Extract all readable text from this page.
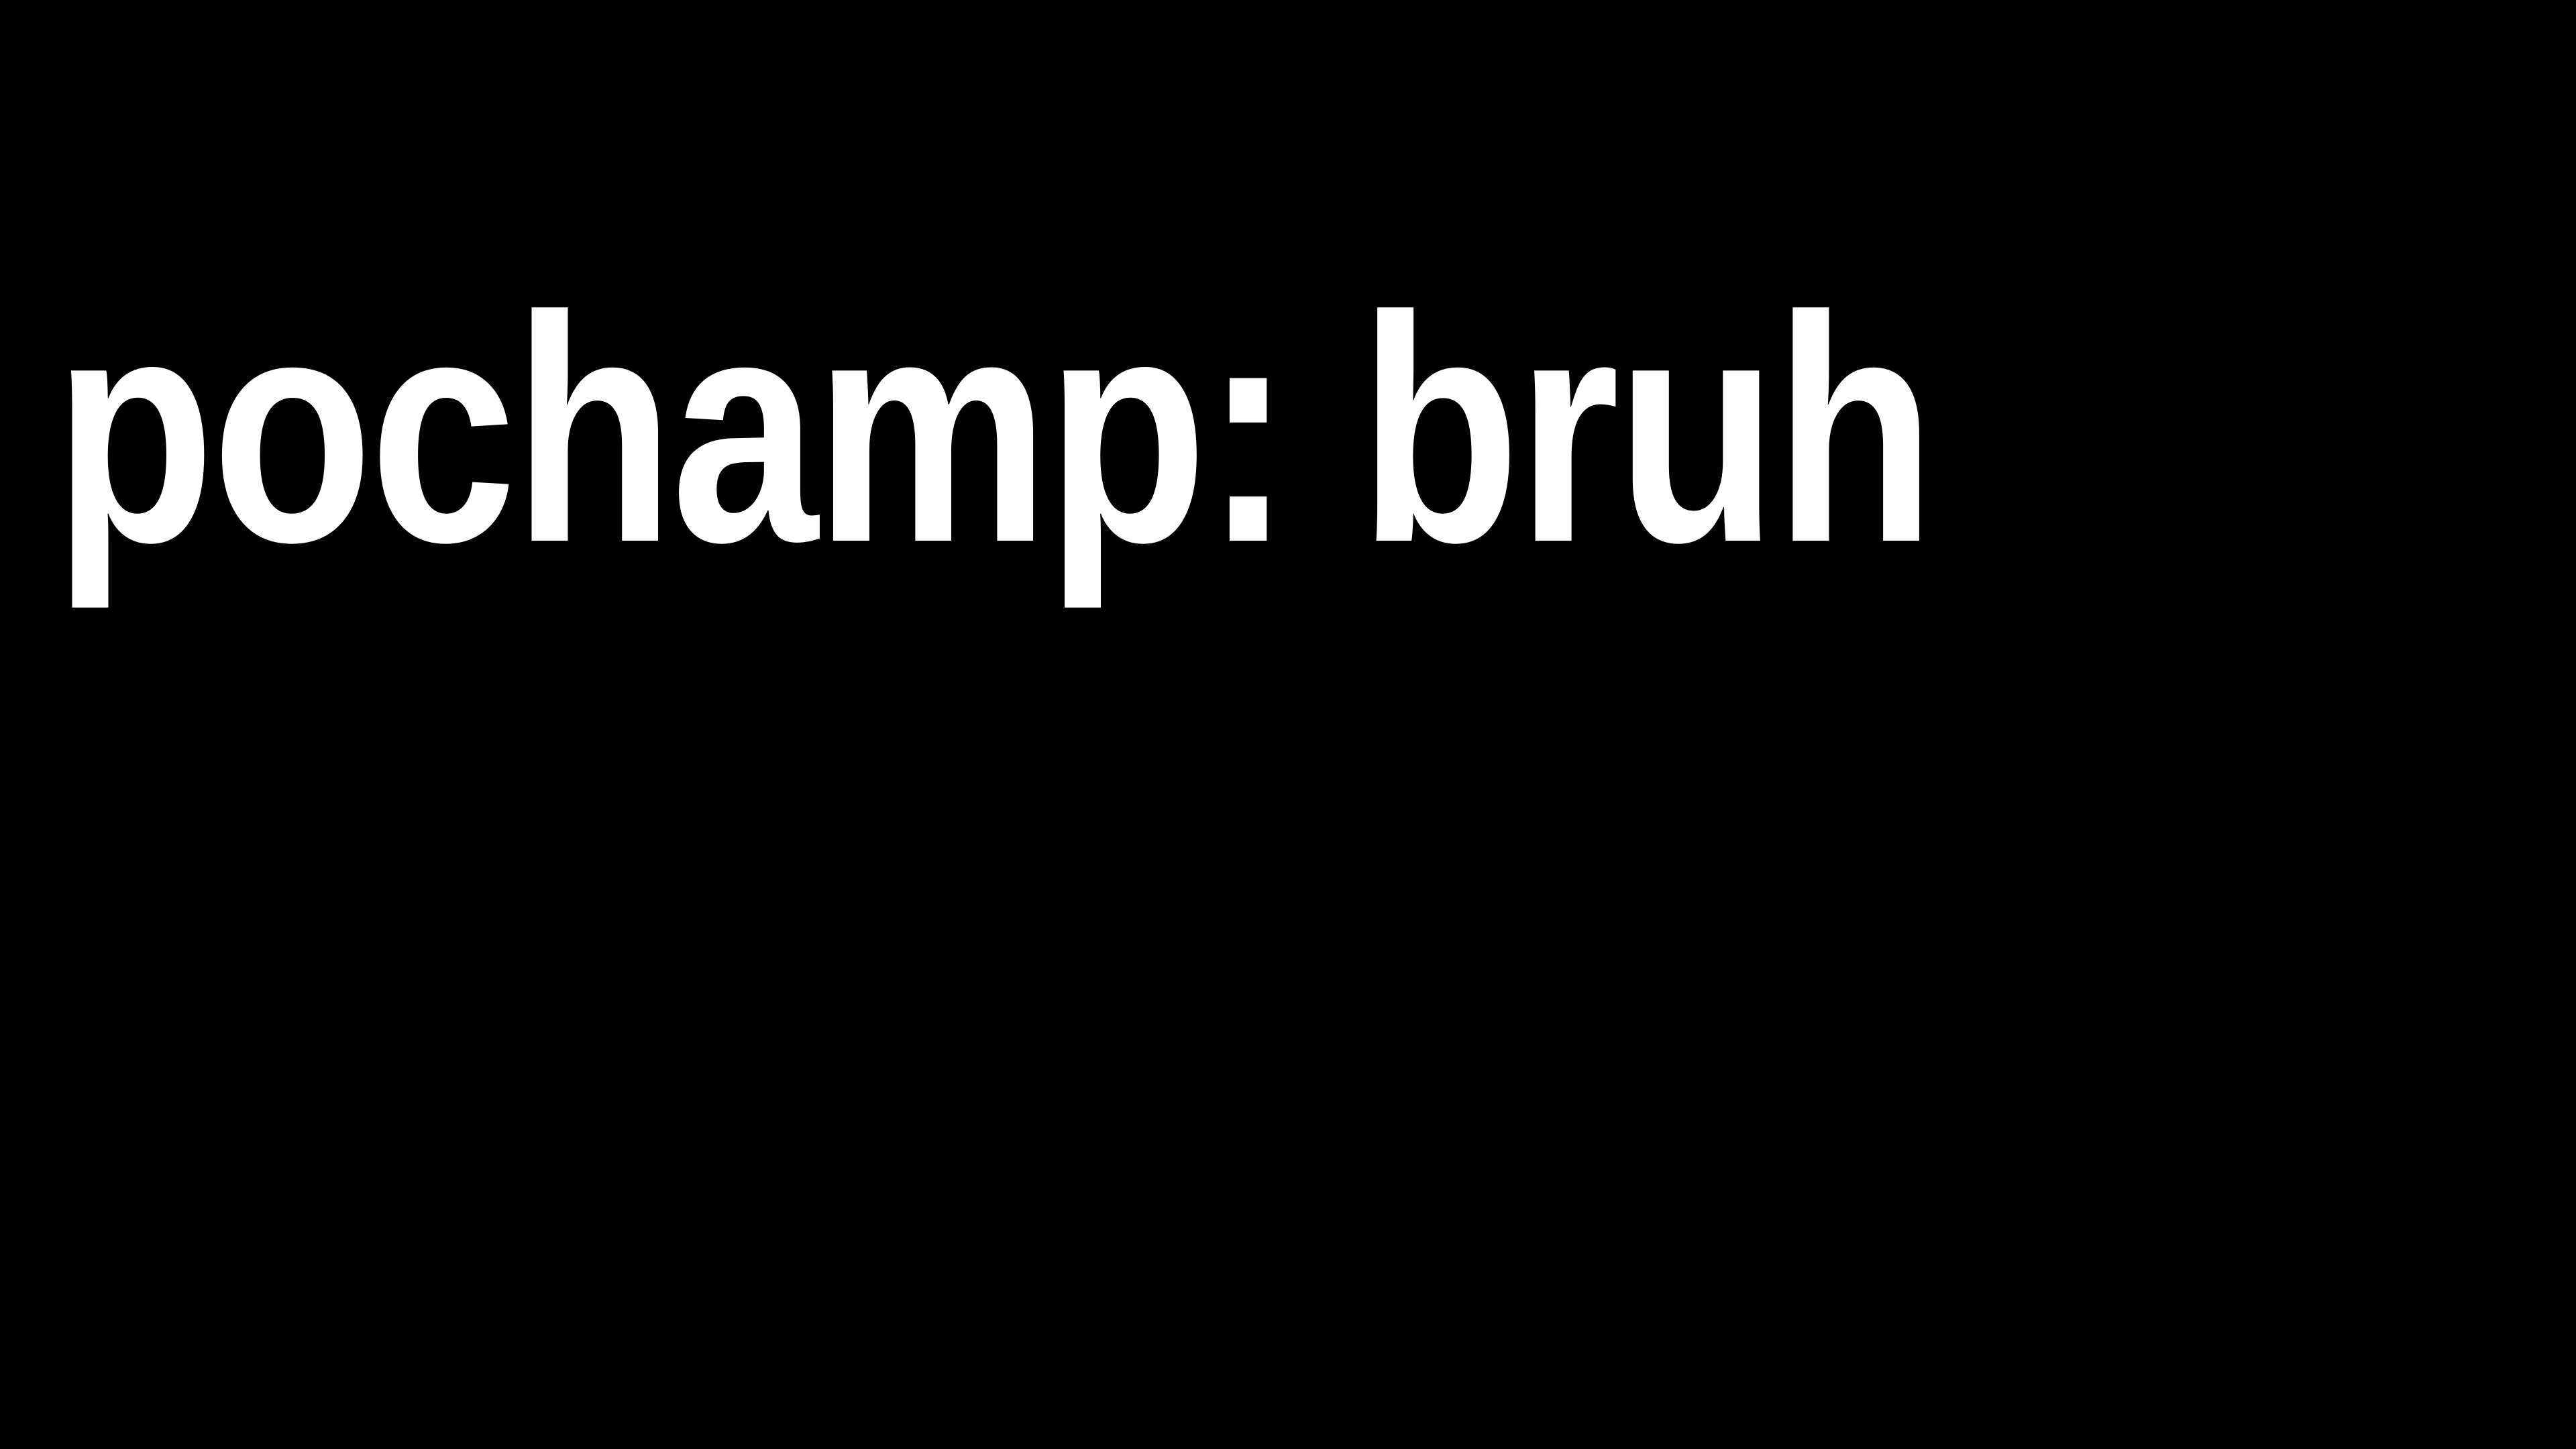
pochamp: bruh
